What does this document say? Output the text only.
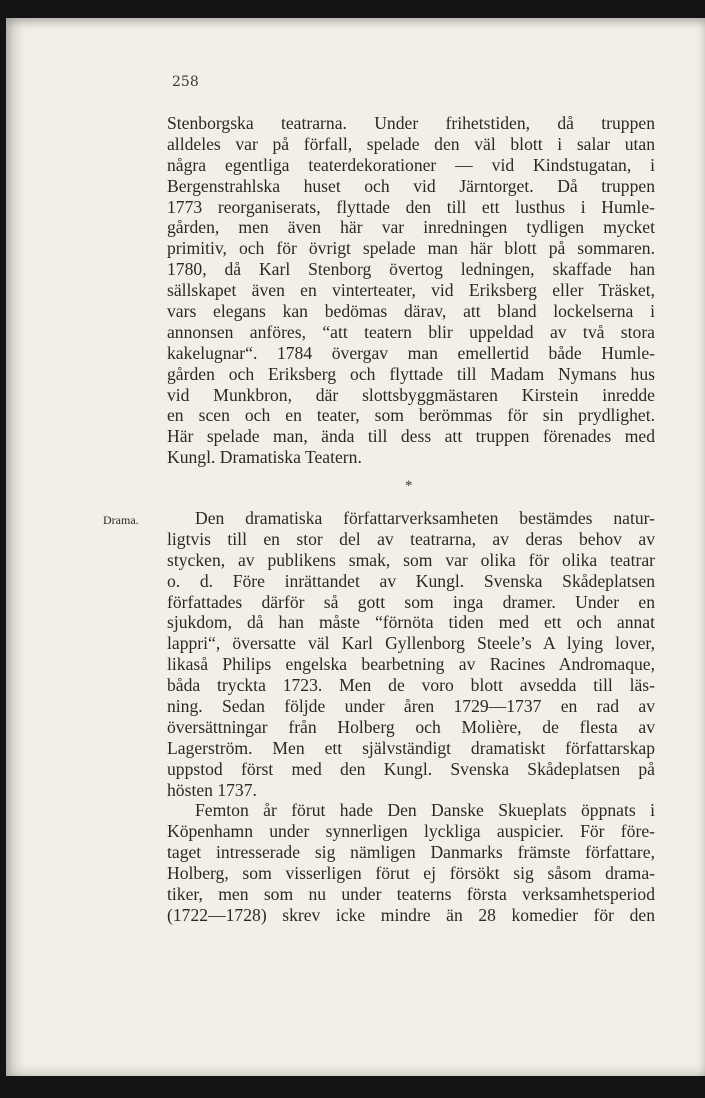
258
Stenborgska teatrarna. Under frihetstiden, då truppen
alldeles var på förfall, spelade den väl blott i salar utan
några egentliga teaterdekorationer — vid Kindstugatan, i
Bergenstrahlska huset och vid Järntorget. Då truppen
1773 reorganiserats, flyttade den till ett lusthus i Humle-
gården, men även här var inredningen tydligen mycket
primitiv, och för övrigt spelade man här blott på sommaren.
1780, då Karl Stenborg övertog ledningen, skaffade han
sällskapet även en vinterteater, vid Eriksberg eller Träsket,
vars elegans kan bedömas därav, att bland lockelserna i
annonsen anföres, “att teatern blir uppeldad av två stora
kakelugnar“. 1784 övergav man emellertid både Humle-
gården och Eriksberg och flyttade till Madam Nymans hus
vid Munkbron, där slottsbyggmästaren Kirstein inredde
en scen och en teater, som berömmas för sin prydlighet.
Här spelade man, ända till dess att truppen förenades med
Kungl. Dramatiska Teatern.
*
Drama.	Den dramatiska författarverksamheten bestämdes natur-
ligtvis till en stor del av teatrarna, av deras behov av
stycken, av publikens smak, som var olika för olika teatrar
o. d. Före inrättandet av Kungl. Svenska Skådeplatsen
författades därför så gott som inga dramer. Under en
sjukdom, då han måste “förnöta tiden med ett och annat
lappri“, översatte väl Karl Gyllenborg Steele’s A lying lover,
likaså Philips engelska bearbetning av Racines Andromaque,
båda tryckta 1723. Men de voro blott avsedda till läs-
ning. Sedan följde under åren 1729—1737 en rad av
översättningar från Holberg och Molière, de flesta av
Lagerström. Men ett självständigt dramatiskt författarskap
uppstod först med den Kungl. Svenska Skådeplatsen på
hösten 1737.
Femton år förut hade Den Danske Skueplats öppnats i
Köpenhamn under synnerligen lyckliga auspicier. För före-
taget intresserade sig nämligen Danmarks främste författare,
Holberg, som visserligen förut ej försökt sig såsom drama-
tiker, men som nu under teaterns första verksamhetsperiod
(1722—1728) skrev icke mindre än 28 komedier för den
